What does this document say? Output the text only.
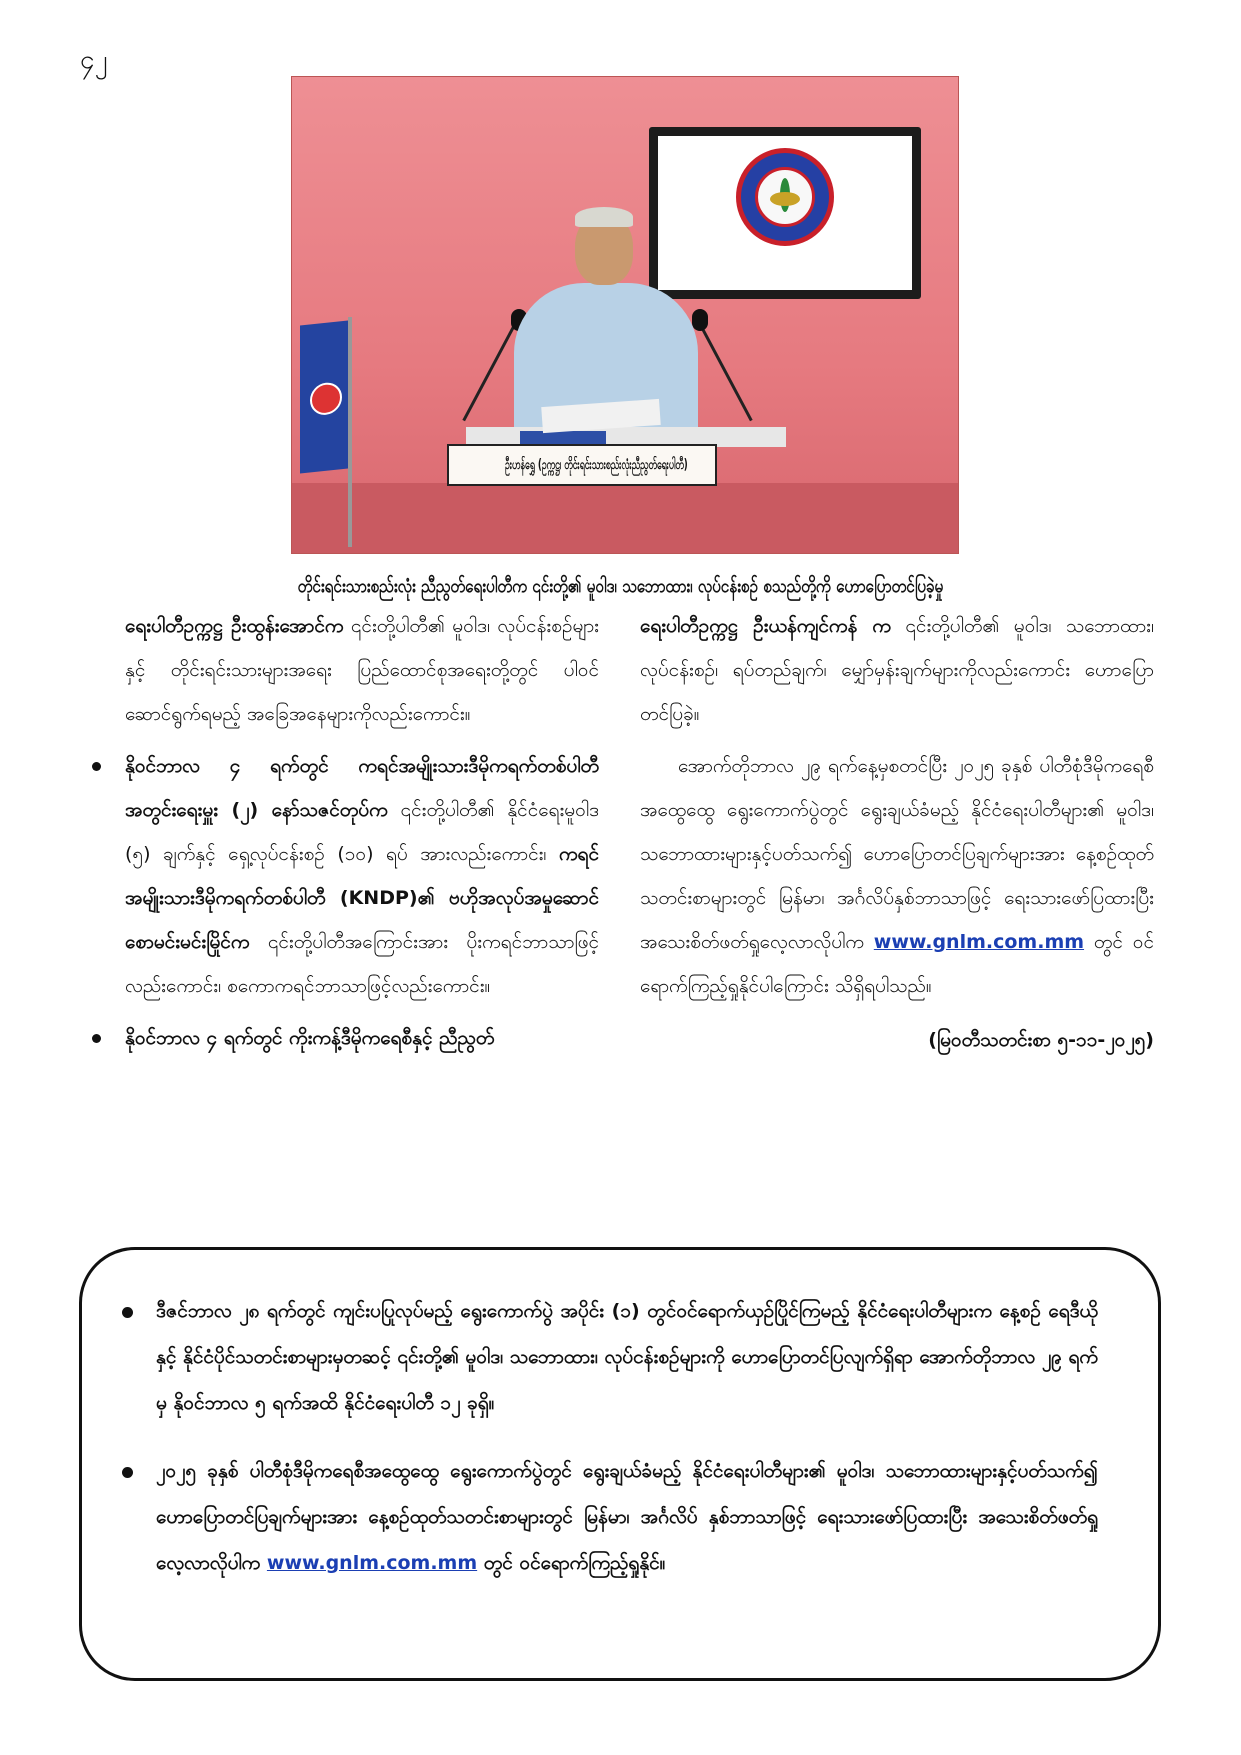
၄၂
ဦးဟန်ရွှေ (ဥက္ကဋ္ဌ၊ တိုင်းရင်းသားစည်းလုံးညီညွတ်ရေးပါတီ)
တိုင်းရင်းသားစည်းလုံး ညီညွတ်ရေးပါတီက ၎င်းတို့၏ မူဝါဒ၊ သဘောထား၊ လုပ်ငန်းစဉ် စသည်တို့ကို ဟောပြောတင်ပြခဲ့မှု

ရေးပါတီဥက္ကဋ္ဌ ဦးထွန်းအောင်က ၎င်းတို့ပါတီ၏ မူဝါဒ၊ လုပ်ငန်းစဉ်များနှင့် တိုင်းရင်းသားများအရေး ပြည်ထောင်စုအရေးတို့တွင် ပါဝင်ဆောင်ရွက်ရမည့် အခြေအနေများကိုလည်းကောင်း။

နိုဝင်ဘာလ ၄ ရက်တွင် ကရင်အမျိုးသားဒီမိုကရက်တစ်ပါတီ အတွင်းရေးမှူး (၂) နော်သဇင်တုပ်က ၎င်းတို့ပါတီ၏ နိုင်ငံရေးမူဝါဒ (၅) ချက်နှင့် ရှေ့လုပ်ငန်းစဉ် (၁၀) ရပ် အားလည်းကောင်း၊ ကရင်အမျိုးသားဒီမိုကရက်တစ်ပါတီ (KNDP)၏ ဗဟိုအလုပ်အမှုဆောင် စောမင်းမင်းမြိုင်က ၎င်းတို့ပါတီအကြောင်းအား ပိုးကရင်ဘာသာဖြင့်လည်းကောင်း၊ စကောကရင်ဘာသာဖြင့်လည်းကောင်း။
နိုဝင်ဘာလ ၄ ရက်တွင် ကိုးကန့်ဒီမိုကရေစီနှင့် ညီညွတ်

ရေးပါတီဥက္ကဋ္ဌ ဦးယန်ကျင်ကန် က ၎င်းတို့ပါတီ၏ မူဝါဒ၊ သဘောထား၊ လုပ်ငန်းစဉ်၊ ရပ်တည်ချက်၊ မျှော်မှန်းချက်များကိုလည်းကောင်း ဟောပြောတင်ပြခဲ့။

အောက်တိုဘာလ ၂၉ ရက်နေ့မှစတင်ပြီး ၂၀၂၅ ခုနှစ် ပါတီစုံဒီမိုကရေစီအထွေထွေ ရွေးကောက်ပွဲတွင် ရွေးချယ်ခံမည့် နိုင်ငံရေးပါတီများ၏ မူဝါဒ၊ သဘောထားများနှင့်ပတ်သက်၍ ဟောပြောတင်ပြချက်များအား နေ့စဉ်ထုတ်သတင်းစာများတွင် မြန်မာ၊ အင်္ဂလိပ်နှစ်ဘာသာဖြင့် ရေးသားဖော်ပြထားပြီး အသေးစိတ်ဖတ်ရှုလေ့လာလိုပါက www.gnlm.com.mm တွင် ဝင်ရောက်ကြည့်ရှုနိုင်ပါကြောင်း သိရှိရပါသည်။

(မြဝတီသတင်းစာ ၅-၁၁-၂၀၂၅)
ဒီဇင်ဘာလ ၂၈ ရက်တွင် ကျင်းပပြုလုပ်မည့် ရွေးကောက်ပွဲ အပိုင်း (၁) တွင်ဝင်ရောက်ယှဉ်ပြိုင်ကြမည့် နိုင်ငံရေးပါတီများက နေ့စဉ် ရေဒီယိုနှင့် နိုင်ငံပိုင်သတင်းစာများမှတဆင့် ၎င်းတို့၏ မူဝါဒ၊ သဘောထား၊ လုပ်ငန်းစဉ်များကို ဟောပြောတင်ပြလျက်ရှိရာ အောက်တိုဘာလ ၂၉ ရက်မှ နိုဝင်ဘာလ ၅ ရက်အထိ နိုင်ငံရေးပါတီ ၁၂ ခုရှိ။
၂၀၂၅ ခုနှစ် ပါတီစုံဒီမိုကရေစီအထွေထွေ ရွေးကောက်ပွဲတွင် ရွေးချယ်ခံမည့် နိုင်ငံရေးပါတီများ၏ မူဝါဒ၊ သဘောထားများနှင့်ပတ်သက်၍ ဟောပြောတင်ပြချက်များအား နေ့စဉ်ထုတ်သတင်းစာများတွင် မြန်မာ၊ အင်္ဂလိပ် နှစ်ဘာသာဖြင့် ရေးသားဖော်ပြထားပြီး အသေးစိတ်ဖတ်ရှုလေ့လာလိုပါက www.gnlm.com.mm တွင် ဝင်ရောက်ကြည့်ရှုနိုင်။
